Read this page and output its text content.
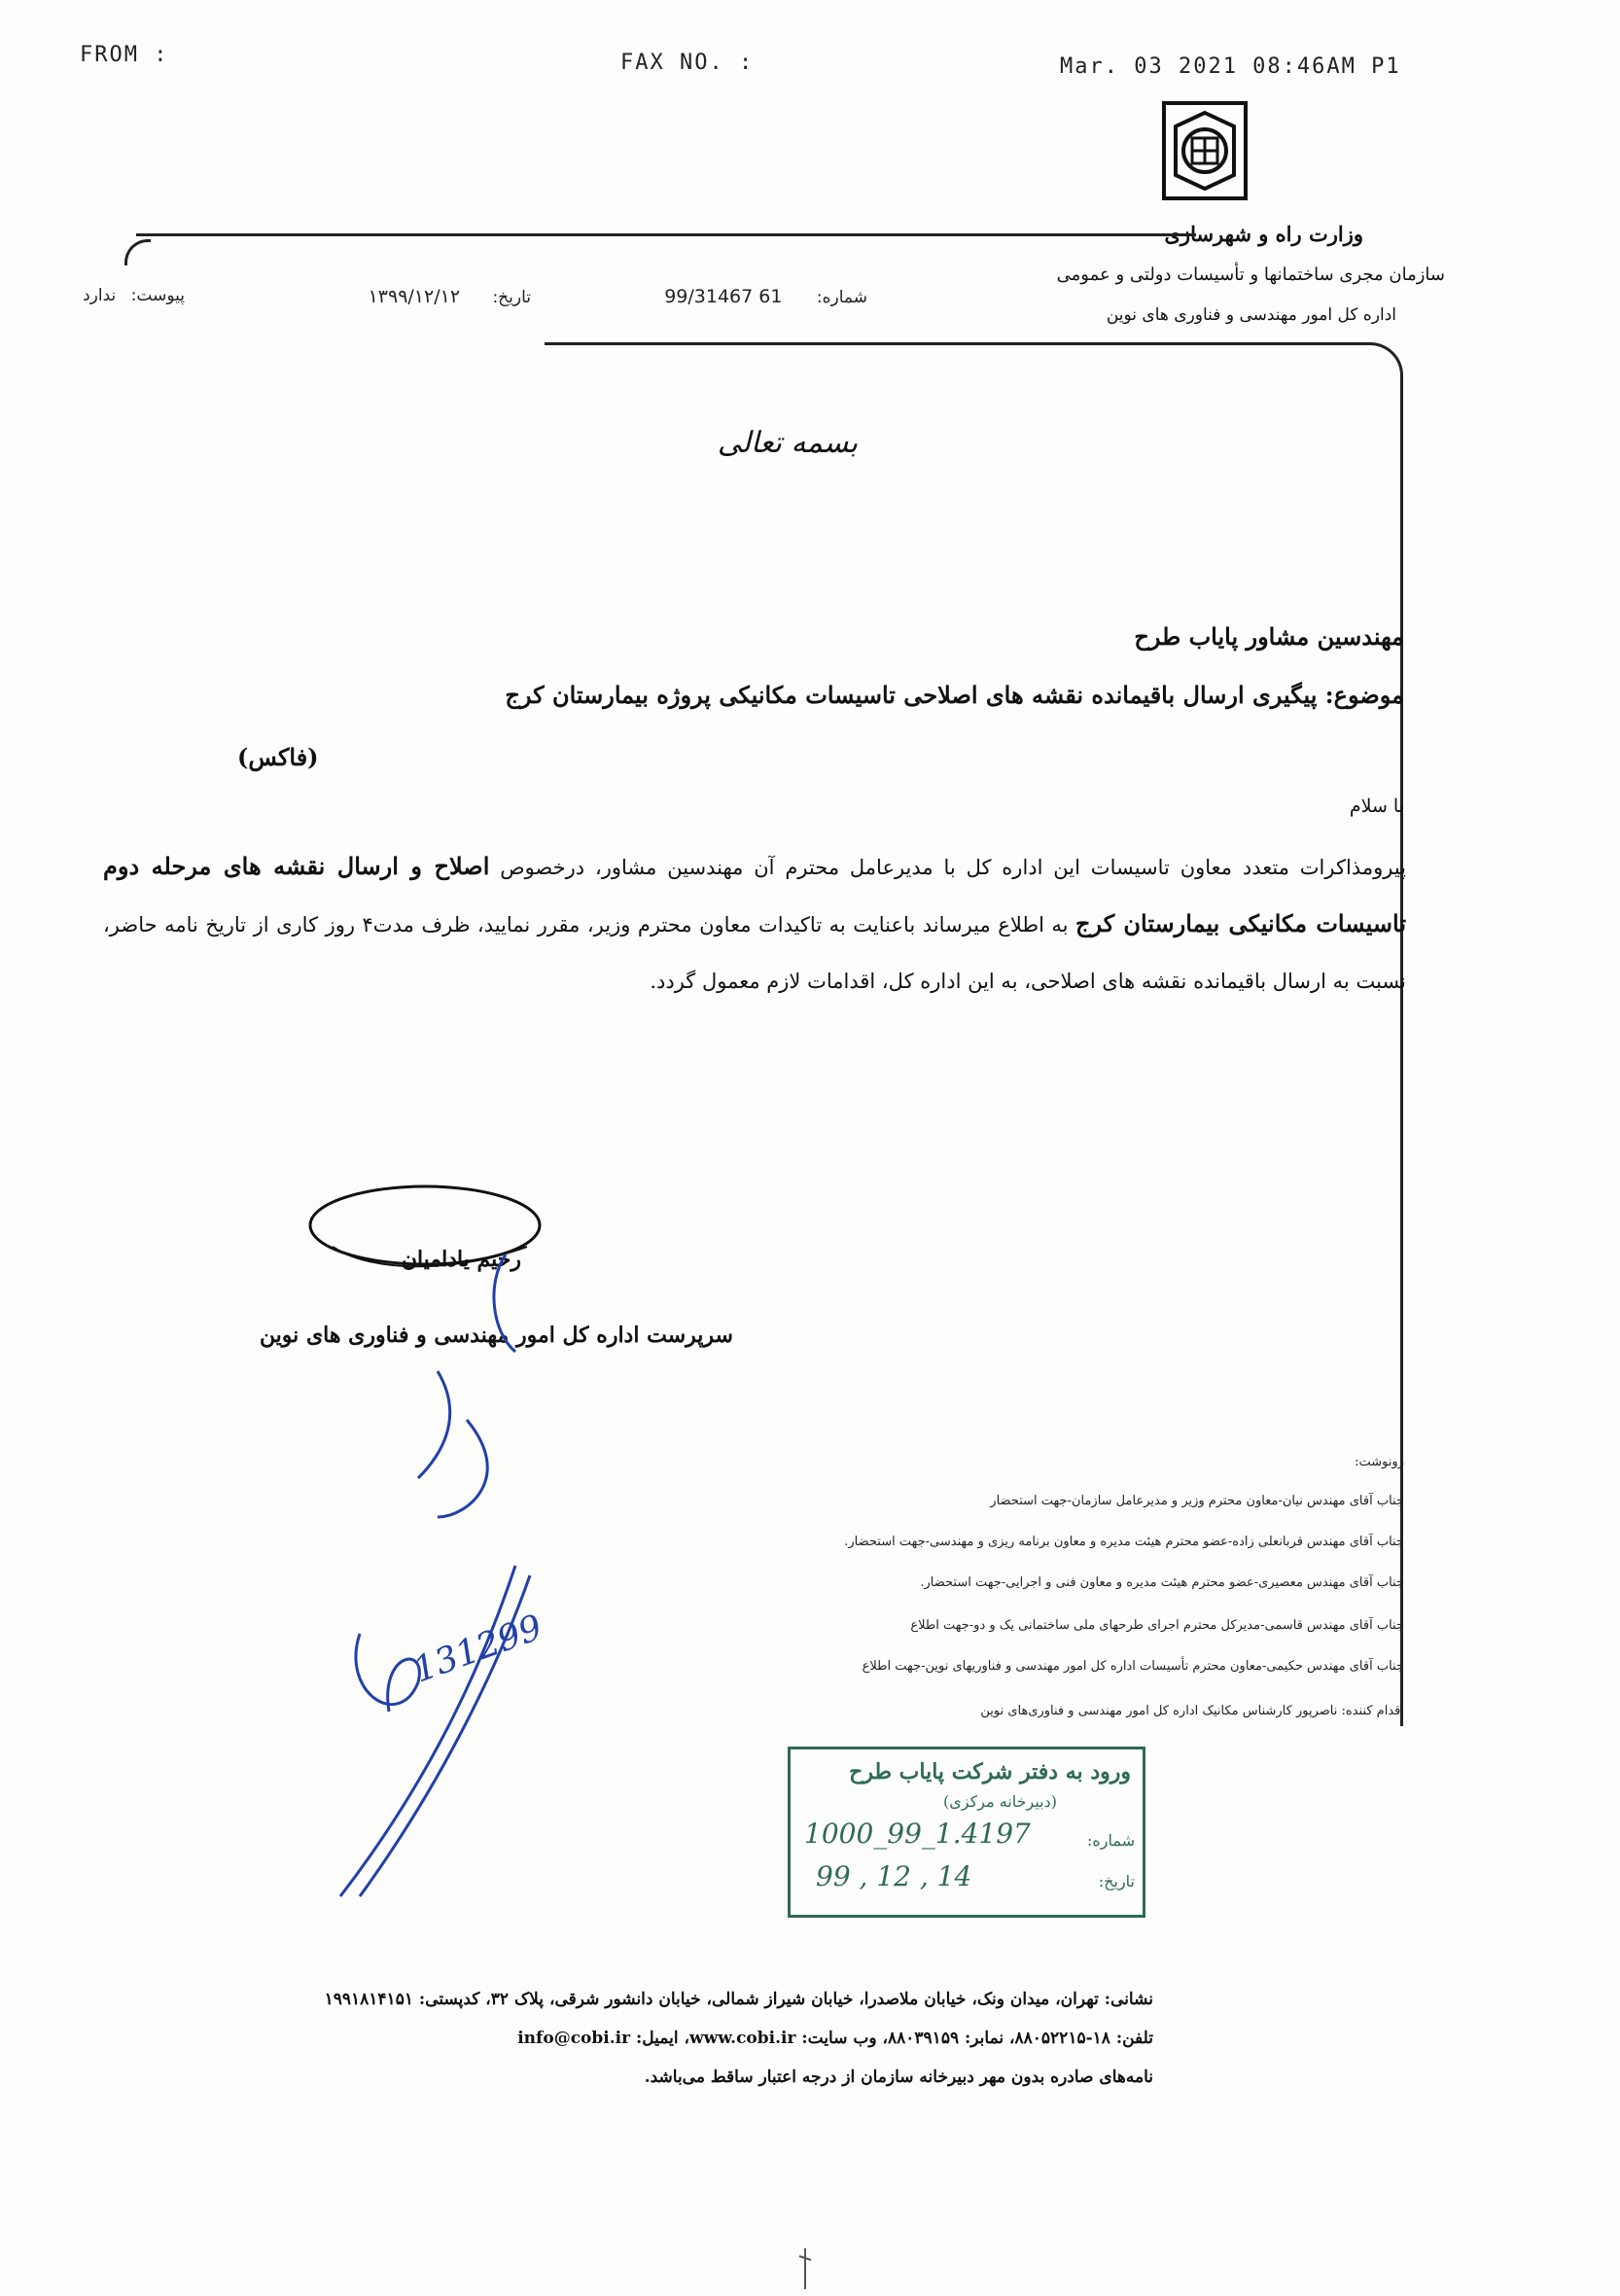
FROM :	FAX NO. :	Mar. 03 2021 08:46AM P1
وزارت راه و شهرسازی
سازمان مجری ساختمانها و تأسیسات دولتی و عمومی
اداره کل امور مهندسی و فناوری های نوین
شماره: 61 99/31467
تاریخ: ۱۳۹۹/۱۲/۱۲
پیوست: ندارد
بسمه تعالی
مهندسین مشاور پایاب طرح
موضوع: پیگیری ارسال باقیمانده نقشه های اصلاحی تاسیسات مکانیکی پروژه بیمارستان کرج
(فاکس)
با سلام
پیرومذاکرات متعدد معاون تاسیسات این اداره کل با مدیرعامل محترم آن مهندسین مشاور، درخصوص اصلاح و ارسال نقشه های مرحله دوم تاسیسات مکانیکی بیمارستان کرج به اطلاع میرساند باعنایت به تاکیدات معاون محترم وزیر، مقرر نمایید، ظرف مدت۴ روز کاری از تاریخ نامه حاضر، نسبت به ارسال باقیمانده نقشه های اصلاحی، به این اداره کل، اقدامات لازم معمول گردد.
رحیم یادامیان
سرپرست اداره کل امور مهندسی و فناوری های نوین
رونوشت:
جناب آقای مهندس نیان-معاون محترم وزیر و مدیرعامل سازمان-جهت استحضار
جناب آقای مهندس قربانعلی زاده-عضو محترم هیئت مدیره و معاون برنامه ریزی و مهندسی-جهت استحضار.
جناب آقای مهندس معصیری-عضو محترم هیئت مدیره و معاون فنی و اجرایی-جهت استحضار.
جناب آقای مهندس قاسمی-مدیرکل محترم اجرای طرحهای ملی ساختمانی یک و دو-جهت اطلاع
جناب آقای مهندس حکیمی-معاون محترم تأسیسات اداره کل امور مهندسی و فناوریهای نوین-جهت اطلاع
اقدام کننده: ناصرپور کارشناس مکانیک اداره کل امور مهندسی و فناوری‌های نوین
131299
ورود به دفتر شرکت پایاب طرح
(دبیرخانه مرکزی)
شماره:
1000_99_1.4197
تاریخ:
99 , 12 , 14
نشانی: تهران، میدان ونک، خیابان ملاصدرا، خیابان شیراز شمالی، خیابان دانشور شرقی، پلاک ۳۲، کدپستی: ۱۹۹۱۸۱۴۱۵۱
تلفن: ۱۸-۸۸۰۵۲۲۱۵، نمابر: ۸۸۰۳۹۱۵۹، وب سایت: www.cobi.ir، ایمیل: info@cobi.ir
نامه‌های صادره بدون مهر دبیرخانه سازمان از درجه اعتبار ساقط می‌باشد.
